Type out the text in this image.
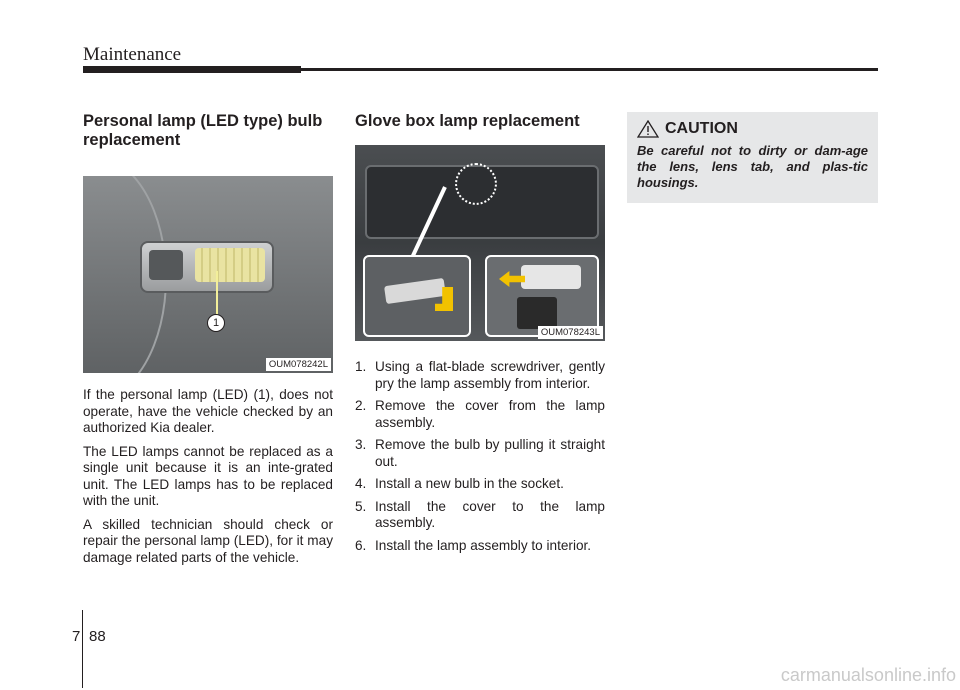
Maintenance
Personal lamp (LED type) bulb replacement
1
OUM078242L

If the personal lamp (LED) (1), does not operate, have the vehicle checked by an authorized Kia dealer.

The LED lamps cannot be replaced as a single unit because it is an inte-grated unit. The LED lamps has to be replaced with the unit.

A skilled technician should check or repair the personal lamp (LED), for it may damage related parts of the vehicle.

Glove box lamp replacement
OUM078243L
1. Using a flat-blade screwdriver, gently pry the lamp assembly from interior.
2. Remove the cover from the lamp assembly.
3. Remove the bulb by pulling it straight out.
4. Install a new bulb in the socket.
5. Install the cover to the lamp assembly.
6. Install the lamp assembly to interior.
CAUTION
Be careful not to dirty or dam-age the lens, lens tab, and plas-tic housings.
7 88
carmanualsonline.info
